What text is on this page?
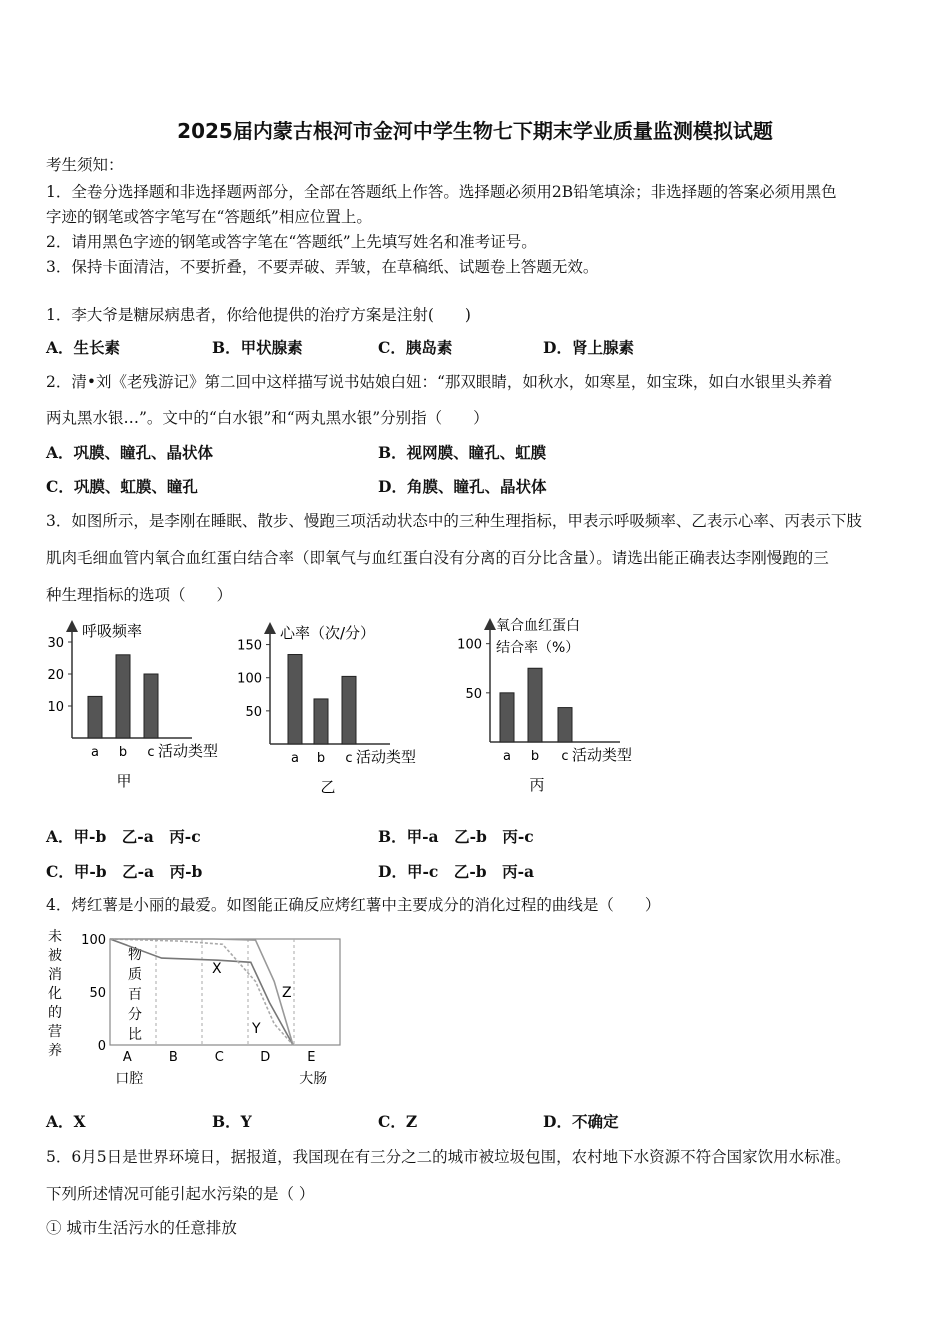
2025届内蒙古根河市金河中学生物七下期末学业质量监测模拟试题
考生须知：
1．全卷分选择题和非选择题两部分，全部在答题纸上作答。选择题必须用2B铅笔填涂；非选择题的答案必须用黑色
字迹的钢笔或答字笔写在“答题纸”相应位置上。
2．请用黑色字迹的钢笔或答字笔在“答题纸”上先填写姓名和准考证号。
3．保持卡面清洁，不要折叠，不要弄破、弄皱，在草稿纸、试题卷上答题无效。
1．李大爷是糖尿病患者，你给他提供的治疗方案是注射(　　)
A．生长素	B．甲状腺素	C．胰岛素	D．肾上腺素
2．清•刘《老残游记》第二回中这样描写说书姑娘白妞：“那双眼睛，如秋水，如寒星，如宝珠，如白水银里头养着
两丸黑水银…”。文中的“白水银”和“两丸黑水银”分别指（　　）
A．巩膜、瞳孔、晶状体	B．视网膜、瞳孔、虹膜
C．巩膜、虹膜、瞳孔	D．角膜、瞳孔、晶状体
3．如图所示，是李刚在睡眠、散步、慢跑三项活动状态中的三种生理指标，甲表示呼吸频率、乙表示心率、丙表示下肢
肌肉毛细血管内氧合血红蛋白结合率（即氧气与血红蛋白没有分离的百分比含量）。请选出能正确表达李刚慢跑的三
种生理指标的选项（　　）
呼吸频率
10
20
30
a b c 活动类型
甲
心率（次/分）
50
100
150
a b c 活动类型
乙
氧合血红蛋白
结合率（%）
50
100
a b c 活动类型
丙
A．甲-b　乙-a　丙-c	B．甲-a　乙-b　丙-c
C．甲-b　乙-a　丙-b	D．甲-c　乙-b　丙-a
4．烤红薯是小丽的最爱。如图能正确反应烤红薯中主要成分的消化过程的曲线是（　　）
未
被
消
化
的
营
养	0
50
100
物
质
百
分
比
A
口腔
B	C	D	E
大肠
X
Y
Z
A．X	B．Y	C．Z	D．不确定
5．6月5日是世界环境日，据报道，我国现在有三分之二的城市被垃圾包围，农村地下水资源不符合国家饮用水标准。
下列所述情况可能引起水污染的是（ ）
① 城市生活污水的任意排放
